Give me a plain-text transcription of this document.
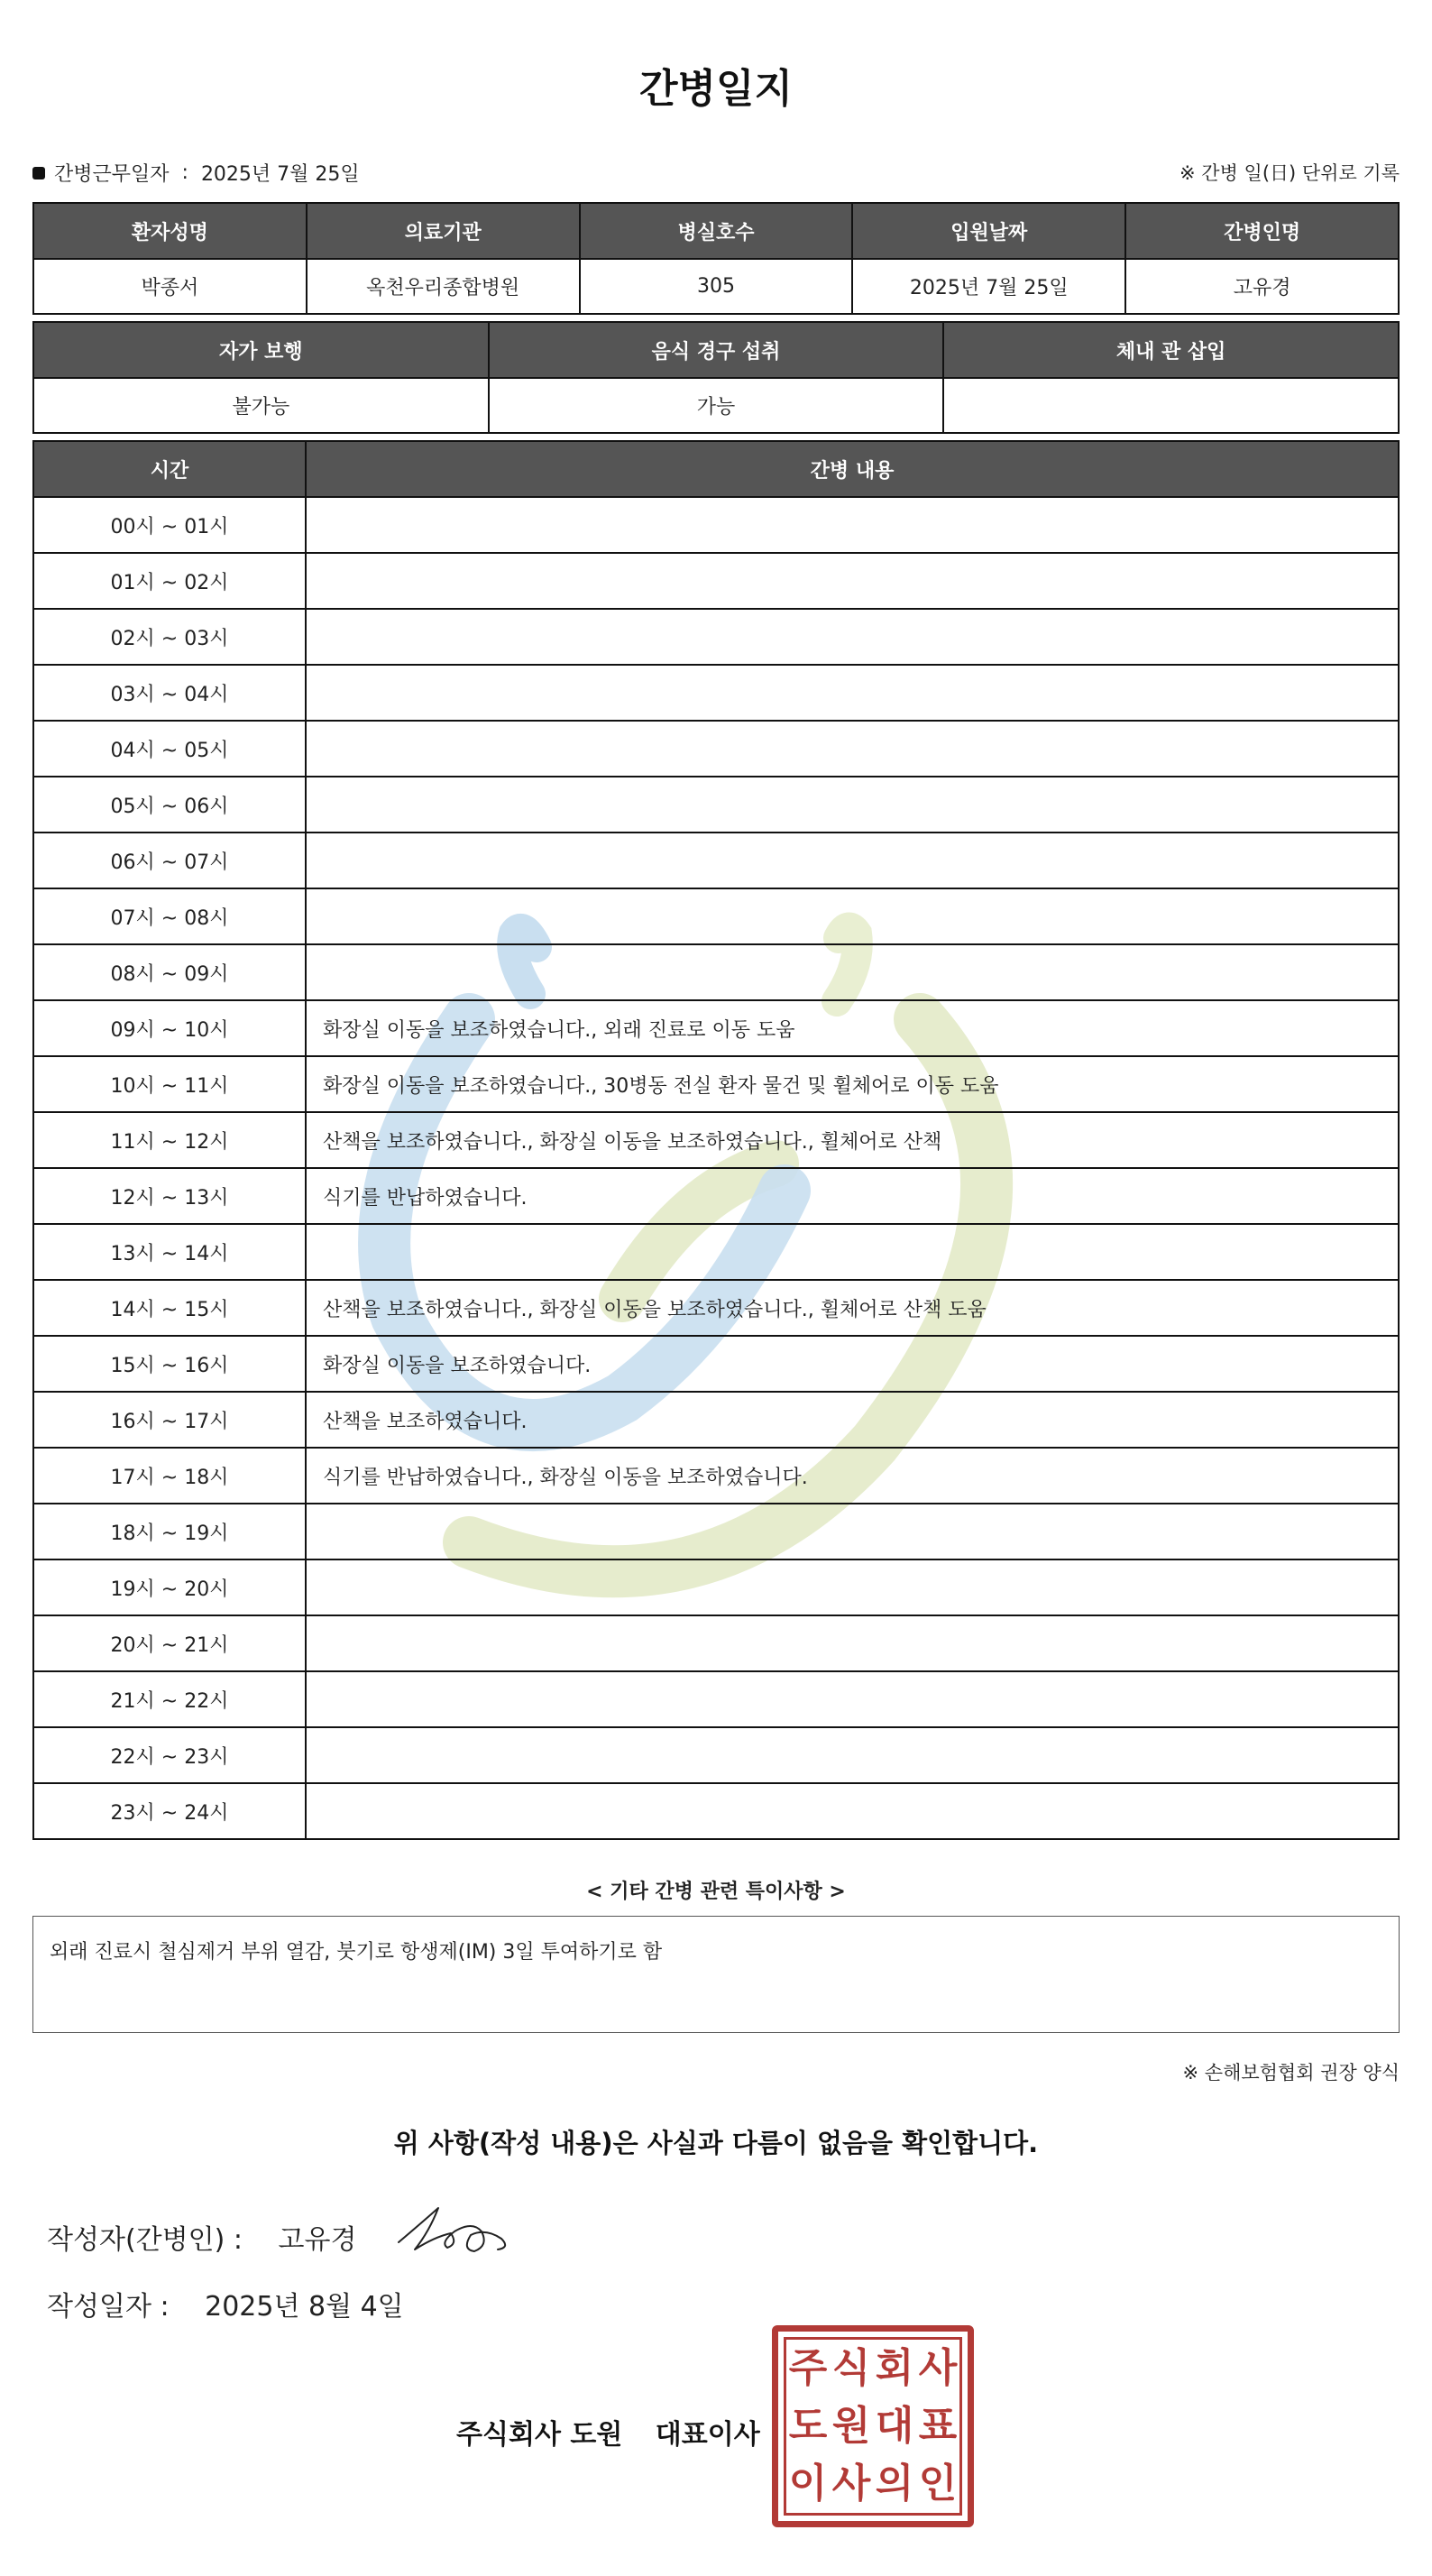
간병일지
간병근무일자 : 2025년 7월 25일	※ 간병 일(日) 단위로 기록
환자성명	의료기관	병실호수	입원날짜	간병인명
박종서	옥천우리종합병원	305	2025년 7월 25일	고유경
자가 보행	음식 경구 섭취	체내 관 삽입
불가능	가능	
시간	간병 내용
00시 ~ 01시	
01시 ~ 02시	
02시 ~ 03시	
03시 ~ 04시	
04시 ~ 05시	
05시 ~ 06시	
06시 ~ 07시	
07시 ~ 08시	
08시 ~ 09시	
09시 ~ 10시	화장실 이동을 보조하였습니다., 외래 진료로 이동 도움
10시 ~ 11시	화장실 이동을 보조하였습니다., 30병동 전실 환자 물건 및 휠체어로 이동 도움
11시 ~ 12시	산책을 보조하였습니다., 화장실 이동을 보조하였습니다., 휠체어로 산책
12시 ~ 13시	식기를 반납하였습니다.
13시 ~ 14시	
14시 ~ 15시	산책을 보조하였습니다., 화장실 이동을 보조하였습니다., 휠체어로 산책 도움
15시 ~ 16시	화장실 이동을 보조하였습니다.
16시 ~ 17시	산책을 보조하였습니다.
17시 ~ 18시	식기를 반납하였습니다., 화장실 이동을 보조하였습니다.
18시 ~ 19시	
19시 ~ 20시	
20시 ~ 21시	
21시 ~ 22시	
22시 ~ 23시	
23시 ~ 24시	
< 기타 간병 관련 특이사항 >
외래 진료시 철심제거 부위 열감, 붓기로 항생제(IM) 3일 투여하기로 함
※ 손해보험협회 권장 양식
위 사항(작성 내용)은 사실과 다름이 없음을 확인합니다.
작성자(간병인) : 고유경
작성일자 : 2025년 8월 4일
주식회사 도원 대표이사
주 식 회 사
도 원 대 표
이 사 의 인
